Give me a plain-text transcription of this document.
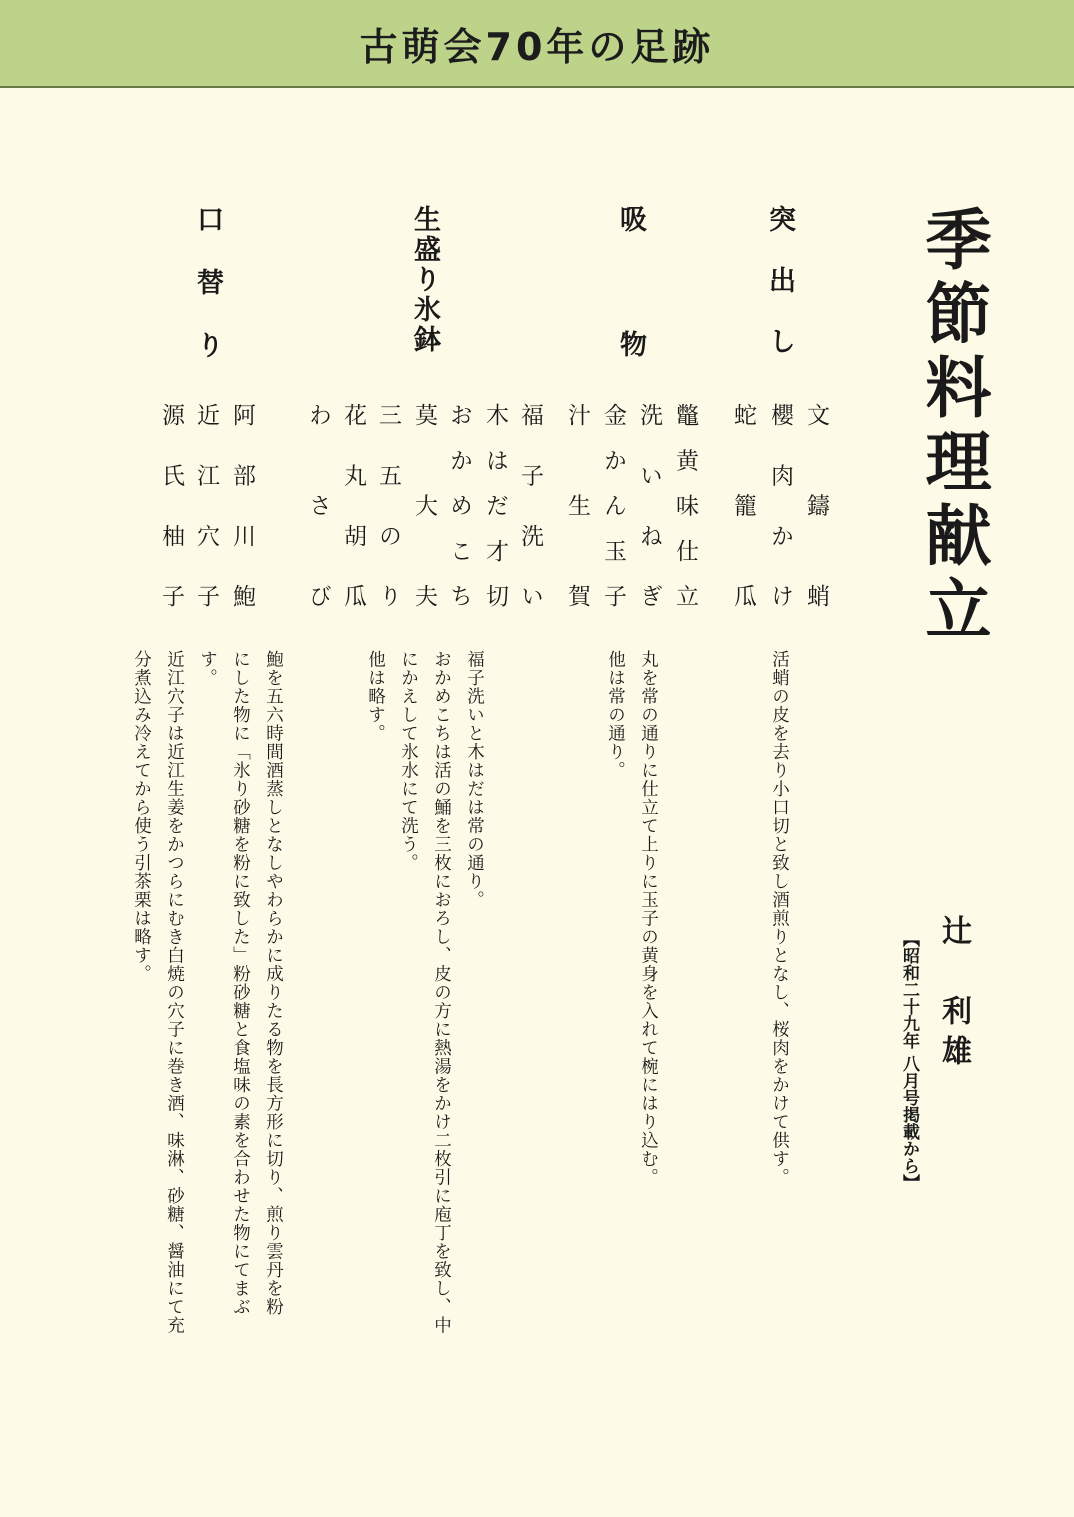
古萌会70年の足跡
季節料理献立
辻　利雄
【昭和二十九年 八月号掲載から】
突出し
吸物
生盛り氷鉢
口替り
文鑄蛸
櫻肉かけ
蛇籠瓜
鼈黄味仕立
洗いねぎ
金かん玉子
汁生賀
福子洗い
木はだ才切
おかめこち
莫大夫
三五のり
花丸胡瓜
わさび
阿部川鮑
近江穴子
源氏柚子
活蛸の皮を去り小口切と致し酒煎りとなし、桜肉をかけて供す。
丸を常の通りに仕立て上りに玉子の黄身を入れて椀にはり込む。
他は常の通り。
福子洗いと木はだは常の通り。
おかめこちは活の鯒を三枚におろし、皮の方に熱湯をかけ二枚引に庖丁を致し、中
にかえして氷水にて洗う。
他は略す。
鮑を五六時間酒蒸しとなしやわらかに成りたる物を長方形に切り、煎り雲丹を粉
にした物に「氷り砂糖を粉に致した」粉砂糖と食塩味の素を合わせた物にてまぶ
す。
近江穴子は近江生姜をかつらにむき白焼の穴子に巻き酒、味淋、砂糖、醤油にて充
分煮込み冷えてから使う引茶栗は略す。
